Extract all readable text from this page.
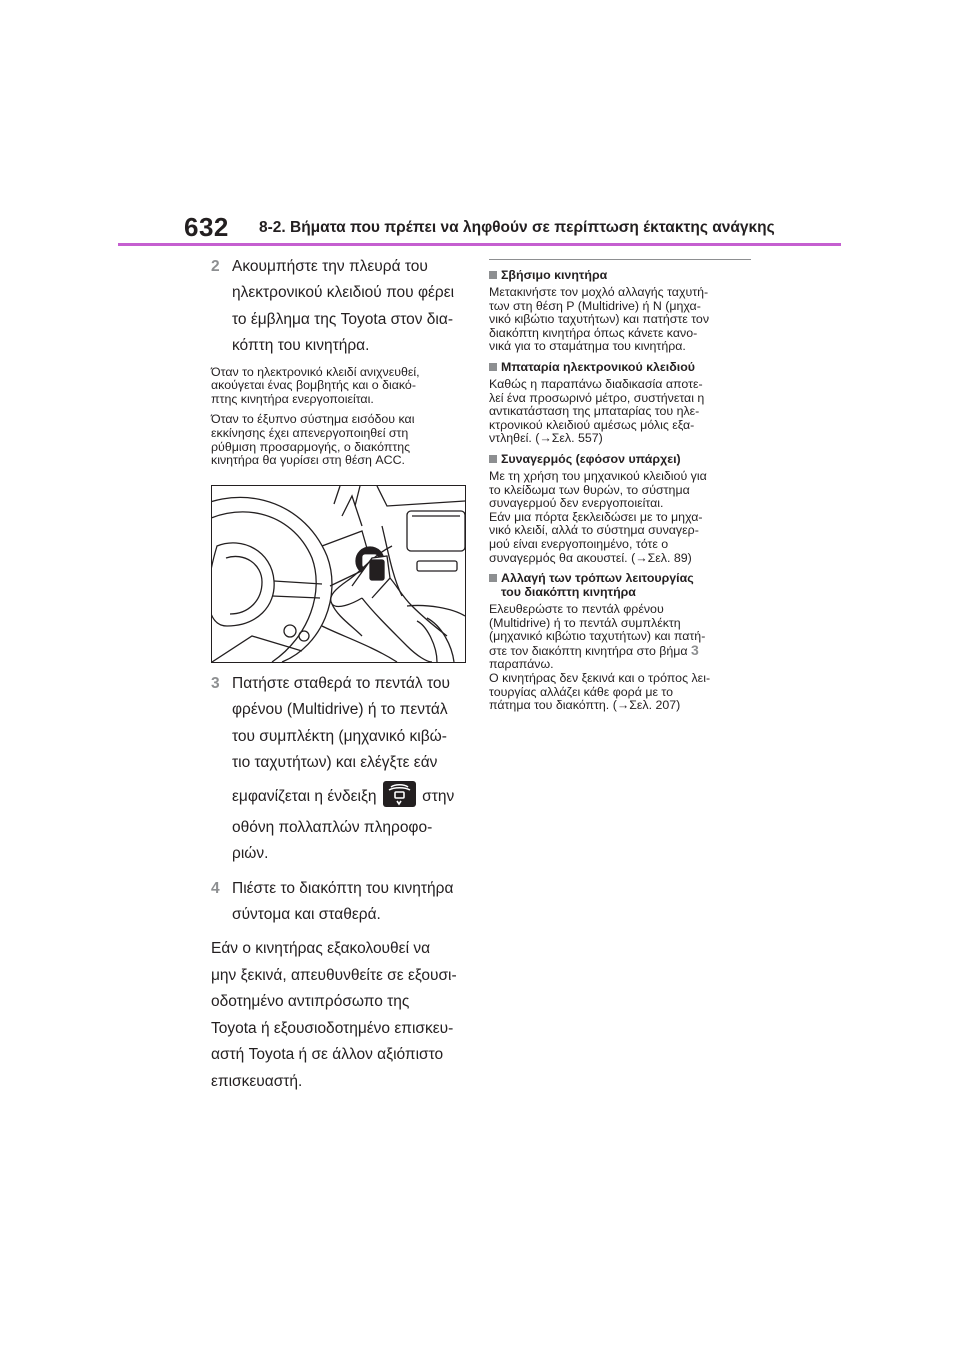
632 8-2. Βήματα που πρέπει να ληφθούν σε περίπτωση έκτακτης ανάγκης
2 Ακουμπήστε την πλευρά του

ηλεκτρονικού κλειδιού που φέρει

το έμβλημα της Toyota στον δια-

κόπτη του κινητήρα.

Όταν το ηλεκτρονικό κλειδί ανιχνευθεί,

ακούγεται ένας βομβητής και ο διακό-

πτης κινητήρα ενεργοποιείται.

Όταν το έξυπνο σύστημα εισόδου και

εκκίνησης έχει απενεργοποιηθεί στη

ρύθμιση προσαρμογής, ο διακόπτης

κινητήρα θα γυρίσει στη θέση ACC.

3 Πατήστε σταθερά το πεντάλ του

φρένου (Multidrive) ή το πεντάλ

του συμπλέκτη (μηχανικό κιβώ-

τιο ταχυτήτων) και ελέγξτε εάν

εμφανίζεται η ένδειξη	στην

οθόνη πολλαπλών πληροφο-

ριών.

4 Πιέστε το διακόπτη του κινητήρα

σύντομα και σταθερά.

Εάν ο κινητήρας εξακολουθεί να

μην ξεκινά, απευθυνθείτε σε εξουσι-

οδοτημένο αντιπρόσωπο της

Toyota ή εξουσιοδοτημένο επισκευ-

αστή Toyota ή σε άλλον αξιόπιστο

επισκευαστή.

Σβήσιμο κινητήρα

Μετακινήστε τον μοχλό αλλαγής ταχυτή-

των στη θέση P (Multidrive) ή N (μηχα-

νικό κιβώτιο ταχυτήτων) και πατήστε τον

διακόπτη κινητήρα όπως κάνετε κανο-

νικά για το σταμάτημα του κινητήρα.

Μπαταρία ηλεκτρονικού κλειδιού

Καθώς η παραπάνω διαδικασία αποτε-

λεί ένα προσωρινό μέτρο, συστήνεται η

αντικατάσταση της μπαταρίας του ηλε-

κτρονικού κλειδιού αμέσως μόλις εξα-

ντληθεί. (→Σελ. 557)

Συναγερμός (εφόσον υπάρχει)

Με τη χρήση του μηχανικού κλειδιού για

το κλείδωμα των θυρών, το σύστημα

συναγερμού δεν ενεργοποιείται.

Εάν μια πόρτα ξεκλειδώσει με το μηχα-

νικό κλειδί, αλλά το σύστημα συναγερ-

μού είναι ενεργοποιημένο, τότε ο

συναγερμός θα ακουστεί. (→Σελ. 89)

Αλλαγή των τρόπων λειτουργίας
του διακόπτη κινητήρα

Ελευθερώστε το πεντάλ φρένου

(Multidrive) ή το πεντάλ συμπλέκτη

(μηχανικό κιβώτιο ταχυτήτων) και πατή-

στε τον διακόπτη κινητήρα στο βήμα 3

παραπάνω.

Ο κινητήρας δεν ξεκινά και ο τρόπος λει-

τουργίας αλλάζει κάθε φορά με το

πάτημα του διακόπτη. (→Σελ. 207)
